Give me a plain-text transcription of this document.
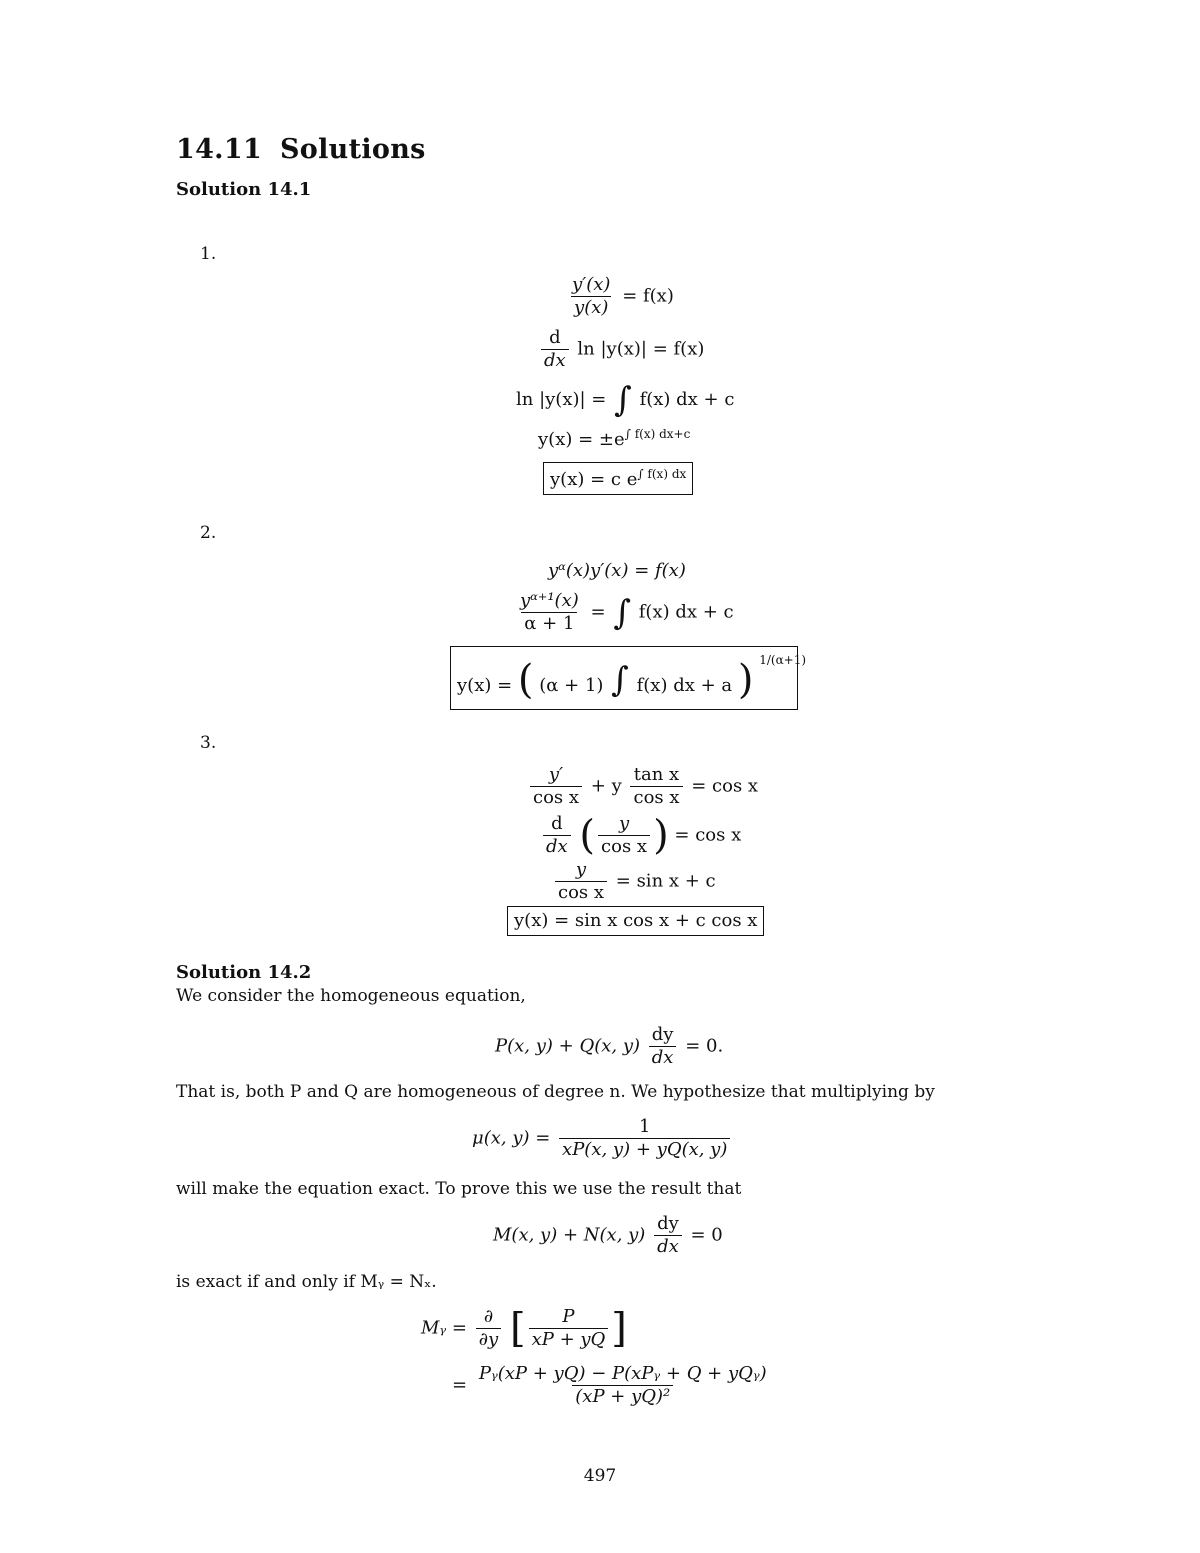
14.11 Solutions
Solution 14.1
1.
$\frac{y'(x)}{y(x)} = f(x)$
$\frac{d}{dx}$ ln |y(x)| = f(x)
ln |y(x)| = ∫ f(x) dx + c
$y(x) = \pm e^{\int f(x) dx+c}$
y(x) = c $e^{\int f(x) dx}$
2.
yᵅ(x)y′(x) = f(x)
$\frac{\text{yᵅ⁺¹(x)}}{\alpha + 1}$ = ∫ f(x) dx + c
y(x) = ( (α + 1) ∫ f(x) dx + a ) $^{1/(\alpha+1)}$
3.
$\frac{y'}{\text{cos x}} + y \frac{\text{tan x}}{\text{cos x}} = \cos x$
$\frac{d}{dx}$ ( $\frac{y}{\text{cos x}}$ ) = cos x
$\frac{y}{\text{cos x}} = \sin x + c$
y(x) = sin x cos x + c cos x
Solution 14.2
We consider the homogeneous equation,
P(x, y) + Q(x, $y) \frac{dy}{dx} = 0$.
That is, both P and Q are homogeneous of degree n. We hypothesize that multiplying by
μ(x, $y) = \frac{1}{xP(x, y) + yQ(x, y)}$
will make the equation exact. To prove this we use the result that
M(x, y) + N(x, $y) \frac{dy}{dx} = 0$
is exact if and only if Mᵧ = Nₓ.
Mᵧ = $\frac{\partial}{\partial y}$ [ $\frac{P}{xP + yQ}$ ]
= $\frac{\text{Pᵧ(xP + yQ) − P(xPᵧ + Q + yQᵧ)}}{\text{(xP + yQ)²}}$
497
